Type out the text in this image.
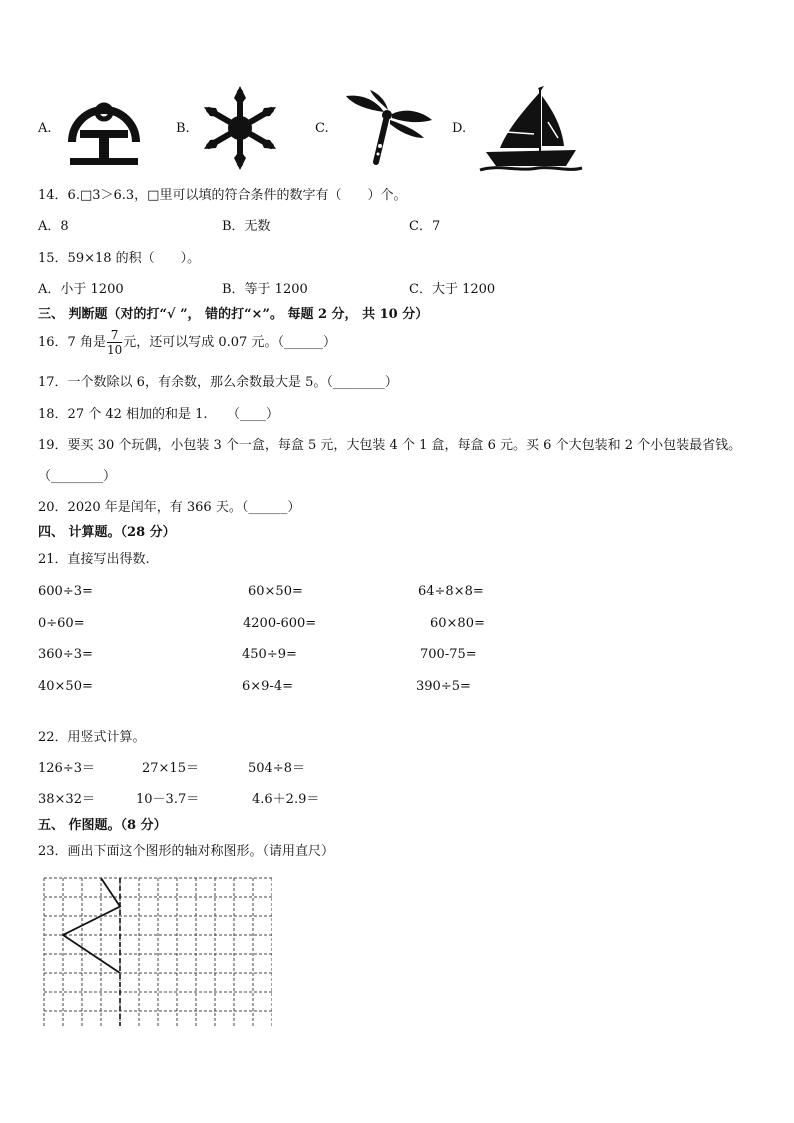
A.	B.	C.	D.
14．6.□3＞6.3，□里可以填的符合条件的数字有（　　）个。
A．8	B．无数	C．7
15．59×18 的积（　　）。
A．小于 1200	B．等于 1200	C．大于 1200
三、 判断题（对的打“√ ”， 错的打“×”。 每题 2 分， 共 10 分）
16．7 角是 $\frac{7}{10}$ 元，还可以写成 0.07 元。（______）
17．一个数除以 6，有余数，那么余数最大是 5。（________）
18．27 个 42 相加的和是 1.　　（____）
19．要买 30 个玩偶，小包装 3 个一盒，每盒 5 元，大包装 4 个 1 盒，每盒 6 元。买 6 个大包装和 2 个小包装最省钱。
（________）
20．2020 年是闰年，有 366 天。（______）
四、 计算题。（28 分）
21．直接写出得数.
600÷3=	60×50=	64÷8×8=
0÷60=	4200-600=	60×80=
360÷3=	450÷9=	700-75=
40×50=	6×9-4=	390÷5=
22．用竖式计算。
126÷3＝	27×15＝	504÷8＝
38×32＝	10－3.7＝	4.6＋2.9＝
五、 作图题。（8 分）
23．画出下面这个图形的轴对称图形。（请用直尺）
